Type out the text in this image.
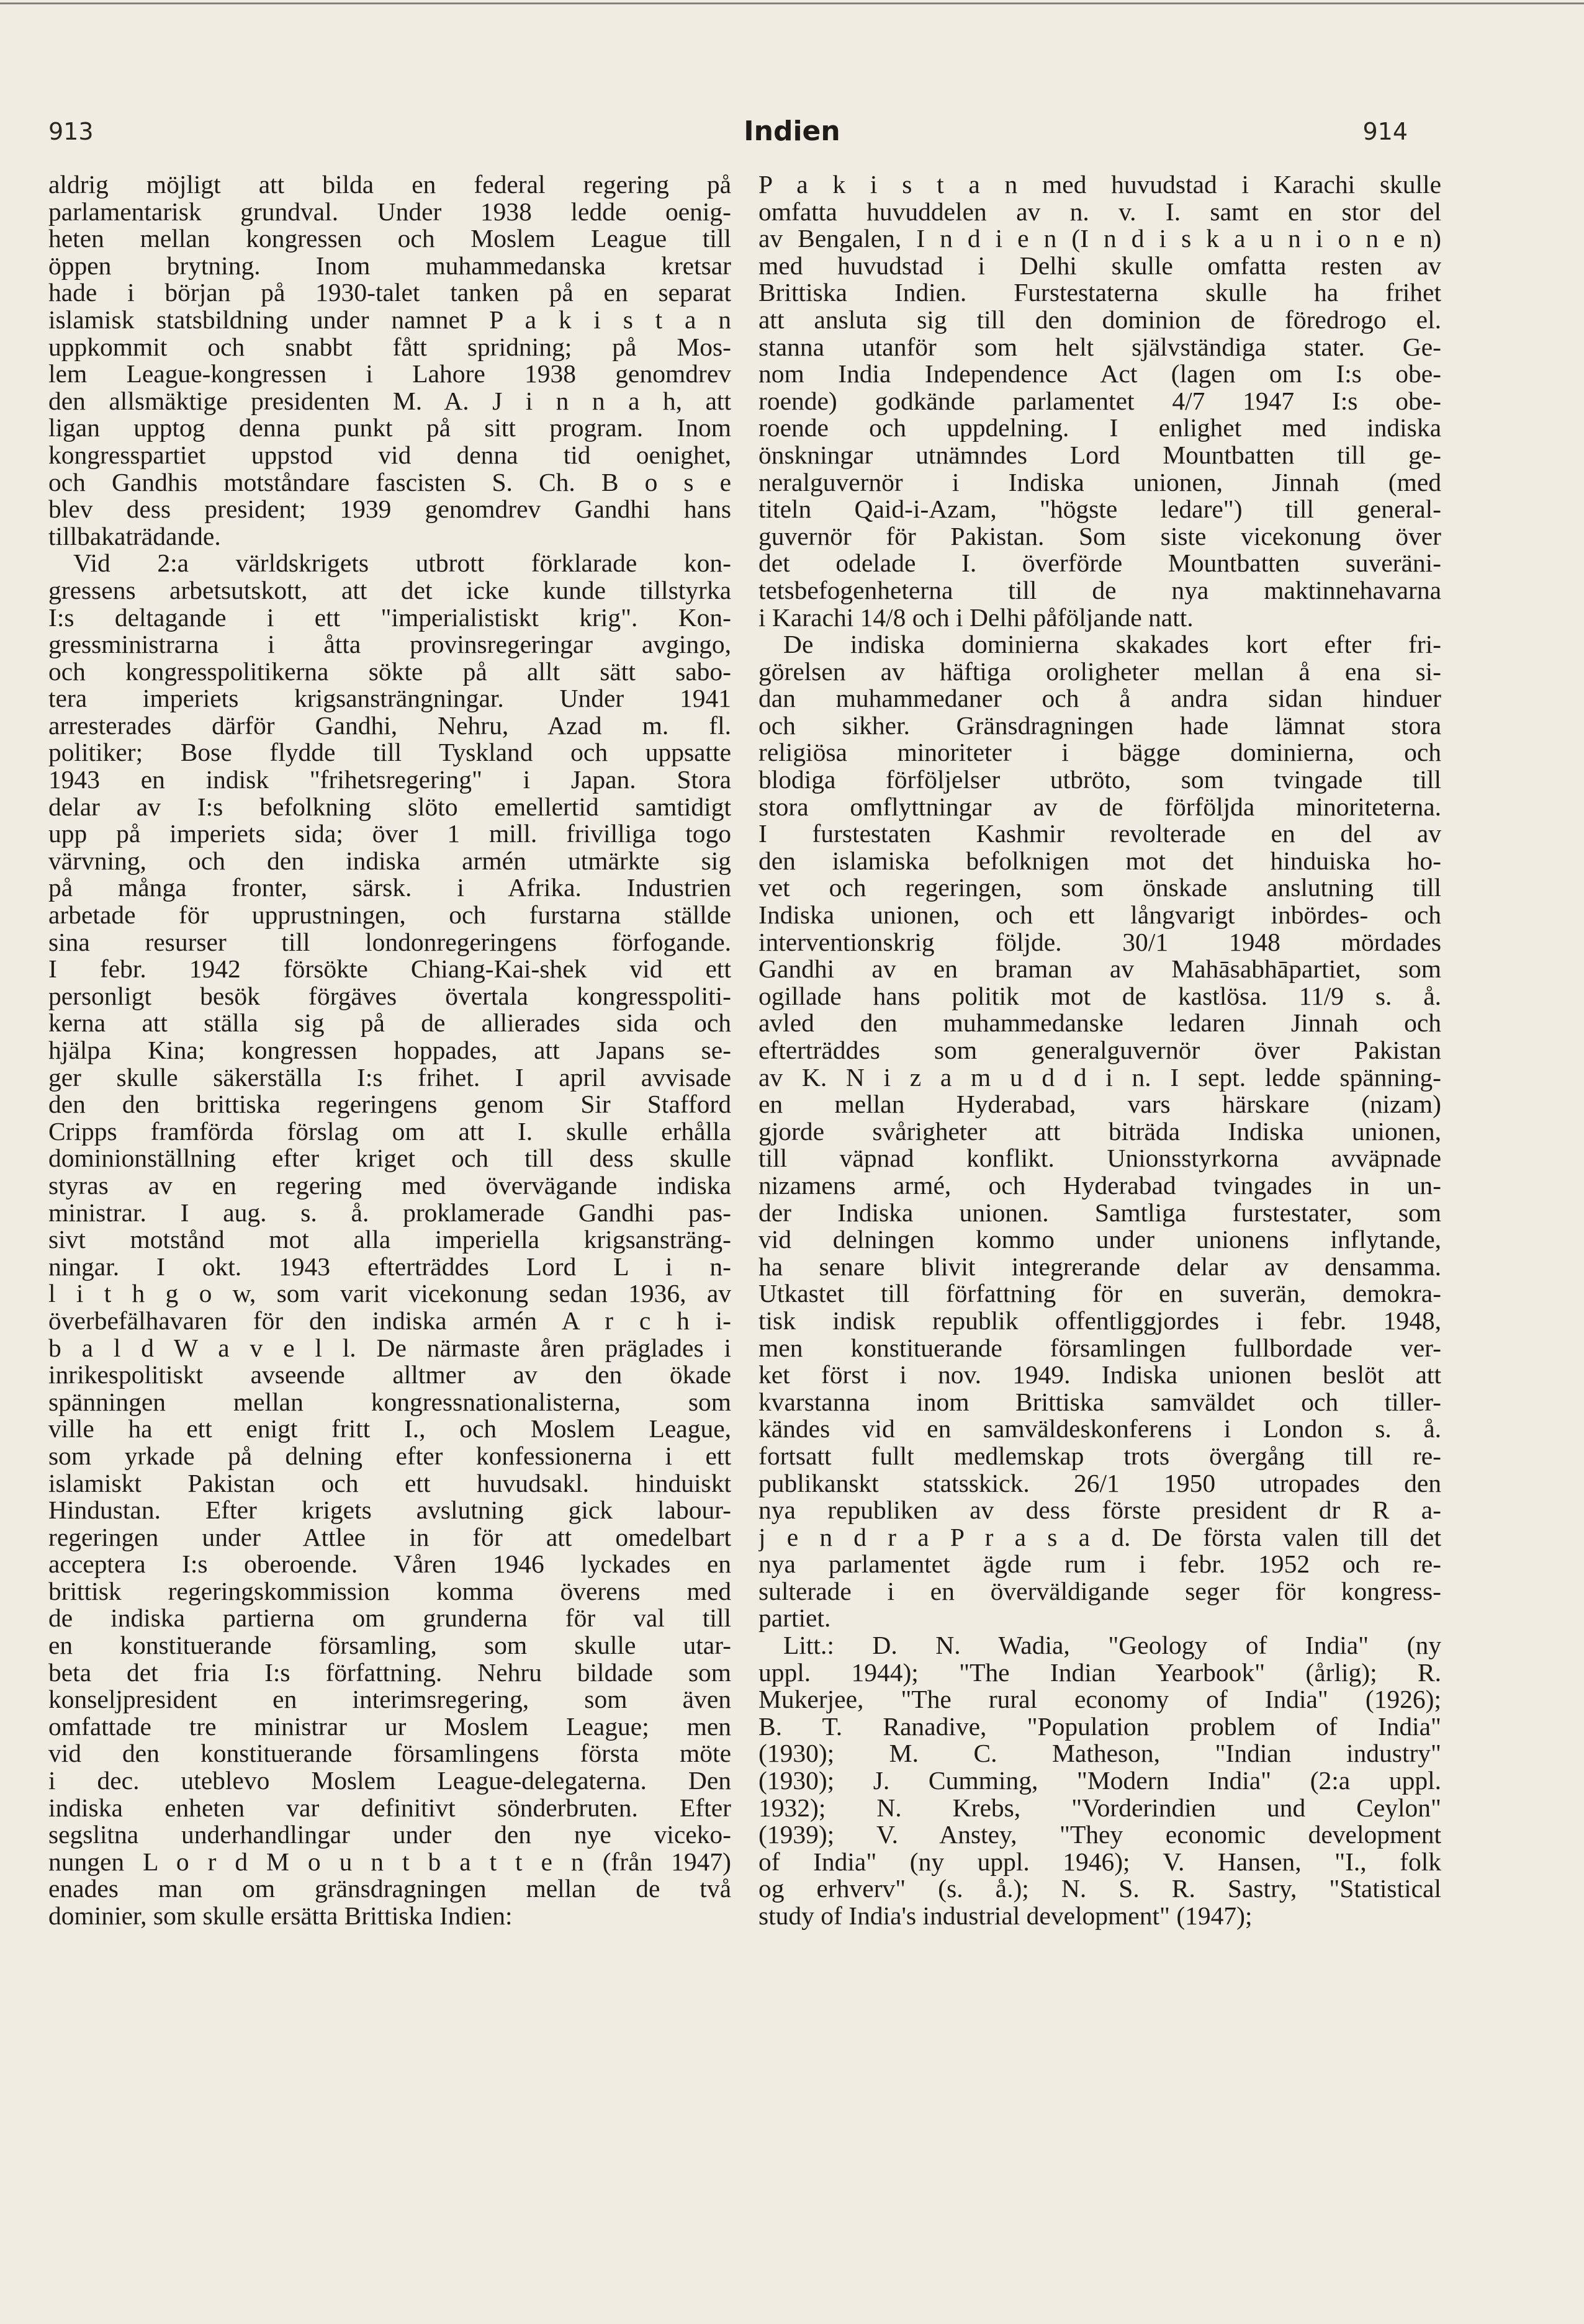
913	Indien	914
aldrig möjligt att bilda en federal regering på
parlamentarisk grundval. Under 1938 ledde oenig-
heten mellan kongressen och Moslem League till
öppen brytning. Inom muhammedanska kretsar
hade i början på 1930-talet tanken på en separat
islamisk statsbildning under namnet P a k i s t a n
uppkommit och snabbt fått spridning; på Mos-
lem League-kongressen i Lahore 1938 genomdrev
den allsmäktige presidenten M. A. J i n n a h, att
ligan upptog denna punkt på sitt program. Inom
kongresspartiet uppstod vid denna tid oenighet,
och Gandhis motståndare fascisten S. Ch. B o s e
blev dess president; 1939 genomdrev Gandhi hans
tillbakaträdande.
Vid 2:a världskrigets utbrott förklarade kon-
gressens arbetsutskott, att det icke kunde tillstyrka
I:s deltagande i ett "imperialistiskt krig". Kon-
gressministrarna i åtta provinsregeringar avgingo,
och kongresspolitikerna sökte på allt sätt sabo-
tera imperiets krigsansträngningar. Under 1941
arresterades därför Gandhi, Nehru, Azad m. fl.
politiker; Bose flydde till Tyskland och uppsatte
1943 en indisk "frihetsregering" i Japan. Stora
delar av I:s befolkning slöto emellertid samtidigt
upp på imperiets sida; över 1 mill. frivilliga togo
värvning, och den indiska armén utmärkte sig
på många fronter, särsk. i Afrika. Industrien
arbetade för upprustningen, och furstarna ställde
sina resurser till londonregeringens förfogande.
I febr. 1942 försökte Chiang-Kai-shek vid ett
personligt besök förgäves övertala kongresspoliti-
kerna att ställa sig på de allierades sida och
hjälpa Kina; kongressen hoppades, att Japans se-
ger skulle säkerställa I:s frihet. I april avvisade
den den brittiska regeringens genom Sir Stafford
Cripps framförda förslag om att I. skulle erhålla
dominionställning efter kriget och till dess skulle
styras av en regering med övervägande indiska
ministrar. I aug. s. å. proklamerade Gandhi pas-
sivt motstånd mot alla imperiella krigsansträng-
ningar. I okt. 1943 efterträddes Lord L i n-
l i t h g o w, som varit vicekonung sedan 1936, av
överbefälhavaren för den indiska armén A r c h i-
b a l d W a v e l l. De närmaste åren präglades i
inrikespolitiskt avseende alltmer av den ökade
spänningen mellan kongressnationalisterna, som
ville ha ett enigt fritt I., och Moslem League,
som yrkade på delning efter konfessionerna i ett
islamiskt Pakistan och ett huvudsakl. hinduiskt
Hindustan. Efter krigets avslutning gick labour-
regeringen under Attlee in för att omedelbart
acceptera I:s oberoende. Våren 1946 lyckades en
brittisk regeringskommission komma överens med
de indiska partierna om grunderna för val till
en konstituerande församling, som skulle utar-
beta det fria I:s författning. Nehru bildade som
konseljpresident en interimsregering, som även
omfattade tre ministrar ur Moslem League; men
vid den konstituerande församlingens första möte
i dec. uteblevo Moslem League-delegaterna. Den
indiska enheten var definitivt sönderbruten. Efter
segslitna underhandlingar under den nye viceko-
nungen L o r d M o u n t b a t t e n (från 1947)
enades man om gränsdragningen mellan de två
dominier, som skulle ersätta Brittiska Indien:
P a k i s t a n med huvudstad i Karachi skulle
omfatta huvuddelen av n. v. I. samt en stor del
av Bengalen, I n d i e n (I n d i s k a u n i o n e n)
med huvudstad i Delhi skulle omfatta resten av
Brittiska Indien. Furstestaterna skulle ha frihet
att ansluta sig till den dominion de föredrogo el.
stanna utanför som helt självständiga stater. Ge-
nom India Independence Act (lagen om I:s obe-
roende) godkände parlamentet 4/7 1947 I:s obe-
roende och uppdelning. I enlighet med indiska
önskningar utnämndes Lord Mountbatten till ge-
neralguvernör i Indiska unionen, Jinnah (med
titeln Qaid-i-Azam, "högste ledare") till general-
guvernör för Pakistan. Som siste vicekonung över
det odelade I. överförde Mountbatten suveräni-
tetsbefogenheterna till de nya maktinnehavarna
i Karachi 14/8 och i Delhi påföljande natt.
De indiska dominierna skakades kort efter fri-
görelsen av häftiga oroligheter mellan å ena si-
dan muhammedaner och å andra sidan hinduer
och sikher. Gränsdragningen hade lämnat stora
religiösa minoriteter i bägge dominierna, och
blodiga förföljelser utbröto, som tvingade till
stora omflyttningar av de förföljda minoriteterna.
I furstestaten Kashmir revolterade en del av
den islamiska befolknigen mot det hinduiska ho-
vet och regeringen, som önskade anslutning till
Indiska unionen, och ett långvarigt inbördes- och
interventionskrig följde. 30/1 1948 mördades
Gandhi av en braman av Mahāsabhāpartiet, som
ogillade hans politik mot de kastlösa. 11/9 s. å.
avled den muhammedanske ledaren Jinnah och
efterträddes som generalguvernör över Pakistan
av K. N i z a m u d d i n. I sept. ledde spänning-
en mellan Hyderabad, vars härskare (nizam)
gjorde svårigheter att biträda Indiska unionen,
till väpnad konflikt. Unionsstyrkorna avväpnade
nizamens armé, och Hyderabad tvingades in un-
der Indiska unionen. Samtliga furstestater, som
vid delningen kommo under unionens inflytande,
ha senare blivit integrerande delar av densamma.
Utkastet till författning för en suverän, demokra-
tisk indisk republik offentliggjordes i febr. 1948,
men konstituerande församlingen fullbordade ver-
ket först i nov. 1949. Indiska unionen beslöt att
kvarstanna inom Brittiska samväldet och tiller-
kändes vid en samväldeskonferens i London s. å.
fortsatt fullt medlemskap trots övergång till re-
publikanskt statsskick. 26/1 1950 utropades den
nya republiken av dess förste president dr R a-
j e n d r a P r a s a d. De första valen till det
nya parlamentet ägde rum i febr. 1952 och re-
sulterade i en överväldigande seger för kongress-
partiet.
Litt.: D. N. Wadia, "Geology of India" (ny
uppl. 1944); "The Indian Yearbook" (årlig); R.
Mukerjee, "The rural economy of India" (1926);
B. T. Ranadive, "Population problem of India"
(1930); M. C. Matheson, "Indian industry"
(1930); J. Cumming, "Modern India" (2:a uppl.
1932); N. Krebs, "Vorderindien und Ceylon"
(1939); V. Anstey, "They economic development
of India" (ny uppl. 1946); V. Hansen, "I., folk
og erhverv" (s. å.); N. S. R. Sastry, "Statistical
study of India's industrial development" (1947);
